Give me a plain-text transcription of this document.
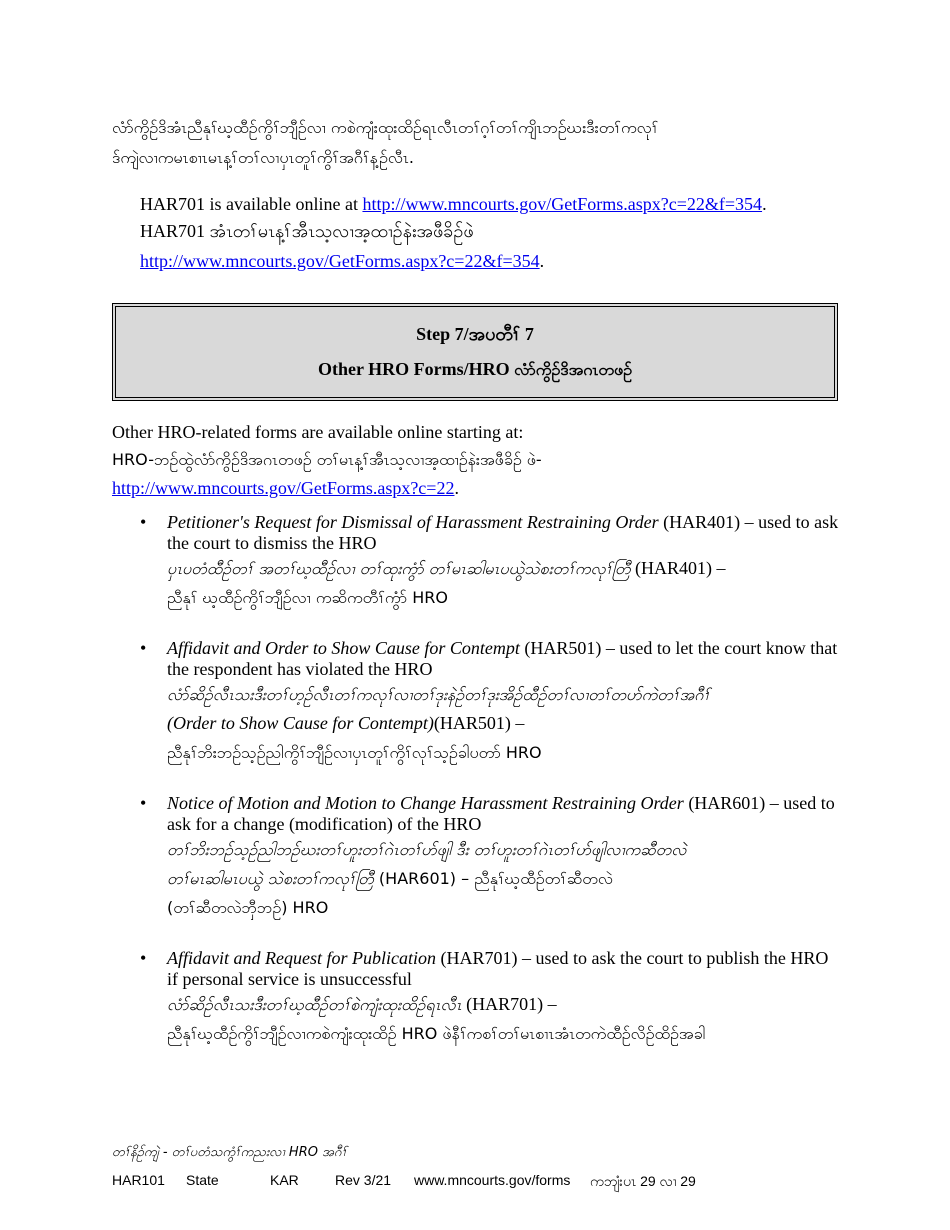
လံာ်ကွိဉ်ဒိအံၤညီနုၢ်ဃ့ထီဉ်ကွိၢ်ဘျီဉ်လၢ ကစဲကျံးထုးထိဉ်ရၤလီၤတၢ်ဂ့ၢ်တၢ်ကျိၤဘဉ်ဃးဒီးတၢ်ကလုၢ်
ဒ်ကျဲလၢကမၤစၢၤမၤန့ၢ်တၢ်လၢပှၤတူၢ်ကွိၢ်အဂီၢ်န့ဉ်လီၤ.
HAR701 is available online at http://www.mncourts.gov/GetForms.aspx?c=22&f=354.
HAR701 အံၤတၢ်မၤန့ၢ်အီၤသ့လၢအ့ထၢဉ်နဲးအဖီခိဉ်ဖဲ
http://www.mncourts.gov/GetForms.aspx?c=22&f=354.
Step 7/အပတီၢ် 7
Other HRO Forms/HRO လံာ်ကွိဉ်ဒိအဂၤတဖဉ်
Other HRO-related forms are available online starting at:
HRO-ဘဉ်ထွဲလံာ်ကွိဉ်ဒိအဂၤတဖဉ် တၢ်မၤန့ၢ်အီၤသ့လၢအ့ထၢဉ်နဲးအဖီခိဉ် ဖဲ-
http://www.mncourts.gov/GetForms.aspx?c=22.
• Petitioner's Request for Dismissal of Harassment Restraining Order (HAR401) – used to ask the court to dismiss the HRO
ပှၤပတံထီဉ်တၢ် အတၢ်ဃ့ထီဉ်လၢ တၢ်ထုးကွံာ် တၢ်မၤဆါမၤပယွဲသဲစးတၢ်ကလုၢ်တြီ (HAR401) –
ညီနုၢ် ဃ့ထီဉ်ကွိၢ်ဘျီဉ်လၢ ကဆိကတီၢ်ကွံာ် HRO
• Affidavit and Order to Show Cause for Contempt (HAR501) – used to let the court know that the respondent has violated the HRO
လံာ်ဆိဉ်လီၤသးဒီးတၢ်ဟ့ဉ်လီၤတၢ်ကလုၢ်လၢတၢ်ဒုးနဲဉ်တၢ်ဒုးအိဉ်ထီဉ်တၢ်လၢတၢ်တဟ်ကဲတၢ်အဂီၢ်
(Order to Show Cause for Contempt)(HAR501) –
ညီနုၢ်ဘိးဘဉ်သ့ဉ်ညါကွိၢ်ဘျီဉ်လၢပှၤတူၢ်ကွိၢ်လုၢ်သ့ဉ်ခါပတာ် HRO
• Notice of Motion and Motion to Change Harassment Restraining Order (HAR601) – used to ask for a change (modification) of the HRO
တၢ်ဘိးဘဉ်သ့ဉ်ညါဘဉ်ဃးတၢ်ဟူးတၢ်ဂဲၤတၢ်ဟ်ဖျါ ဒီး တၢ်ဟူးတၢ်ဂဲၤတၢ်ဟ်ဖျါလၢကဆီတလဲ
တၢ်မၤဆါမၤပယွဲ သဲစးတၢ်ကလုၢ်တြီ (HAR601) – ညီနုၢ်ဃ့ထီဉ်တၢ်ဆီတလဲ
(တၢ်ဆီတလဲဘှီဘဉ်) HRO
• Affidavit and Request for Publication (HAR701) – used to ask the court to publish the HRO if personal service is unsuccessful
လံာ်ဆိဉ်လီၤသးဒီးတၢ်ဃ့ထီဉ်တၢ်စဲကျံးထုးထိဉ်ရၤလီၤ (HAR701) –
ညီနုၢ်ဃ့ထီဉ်ကွိၢ်ဘျီဉ်လၢကစဲကျံးထုးထိဉ် HRO ဖဲနီၢ်ကစၢ်တၢ်မၤစၢၤအံၤတကဲထီဉ်လိဉ်ထိဉ်အခါ
တၢ်နိဉ်ကျဲ - တၢ်ပတံသကွံၢ်ကညးလၢ HRO အဂီၢ်
HAR101 State	KAR	Rev 3/21 www.mncourts.gov/forms ကဘျံးပၤ 29 လၢ 29
